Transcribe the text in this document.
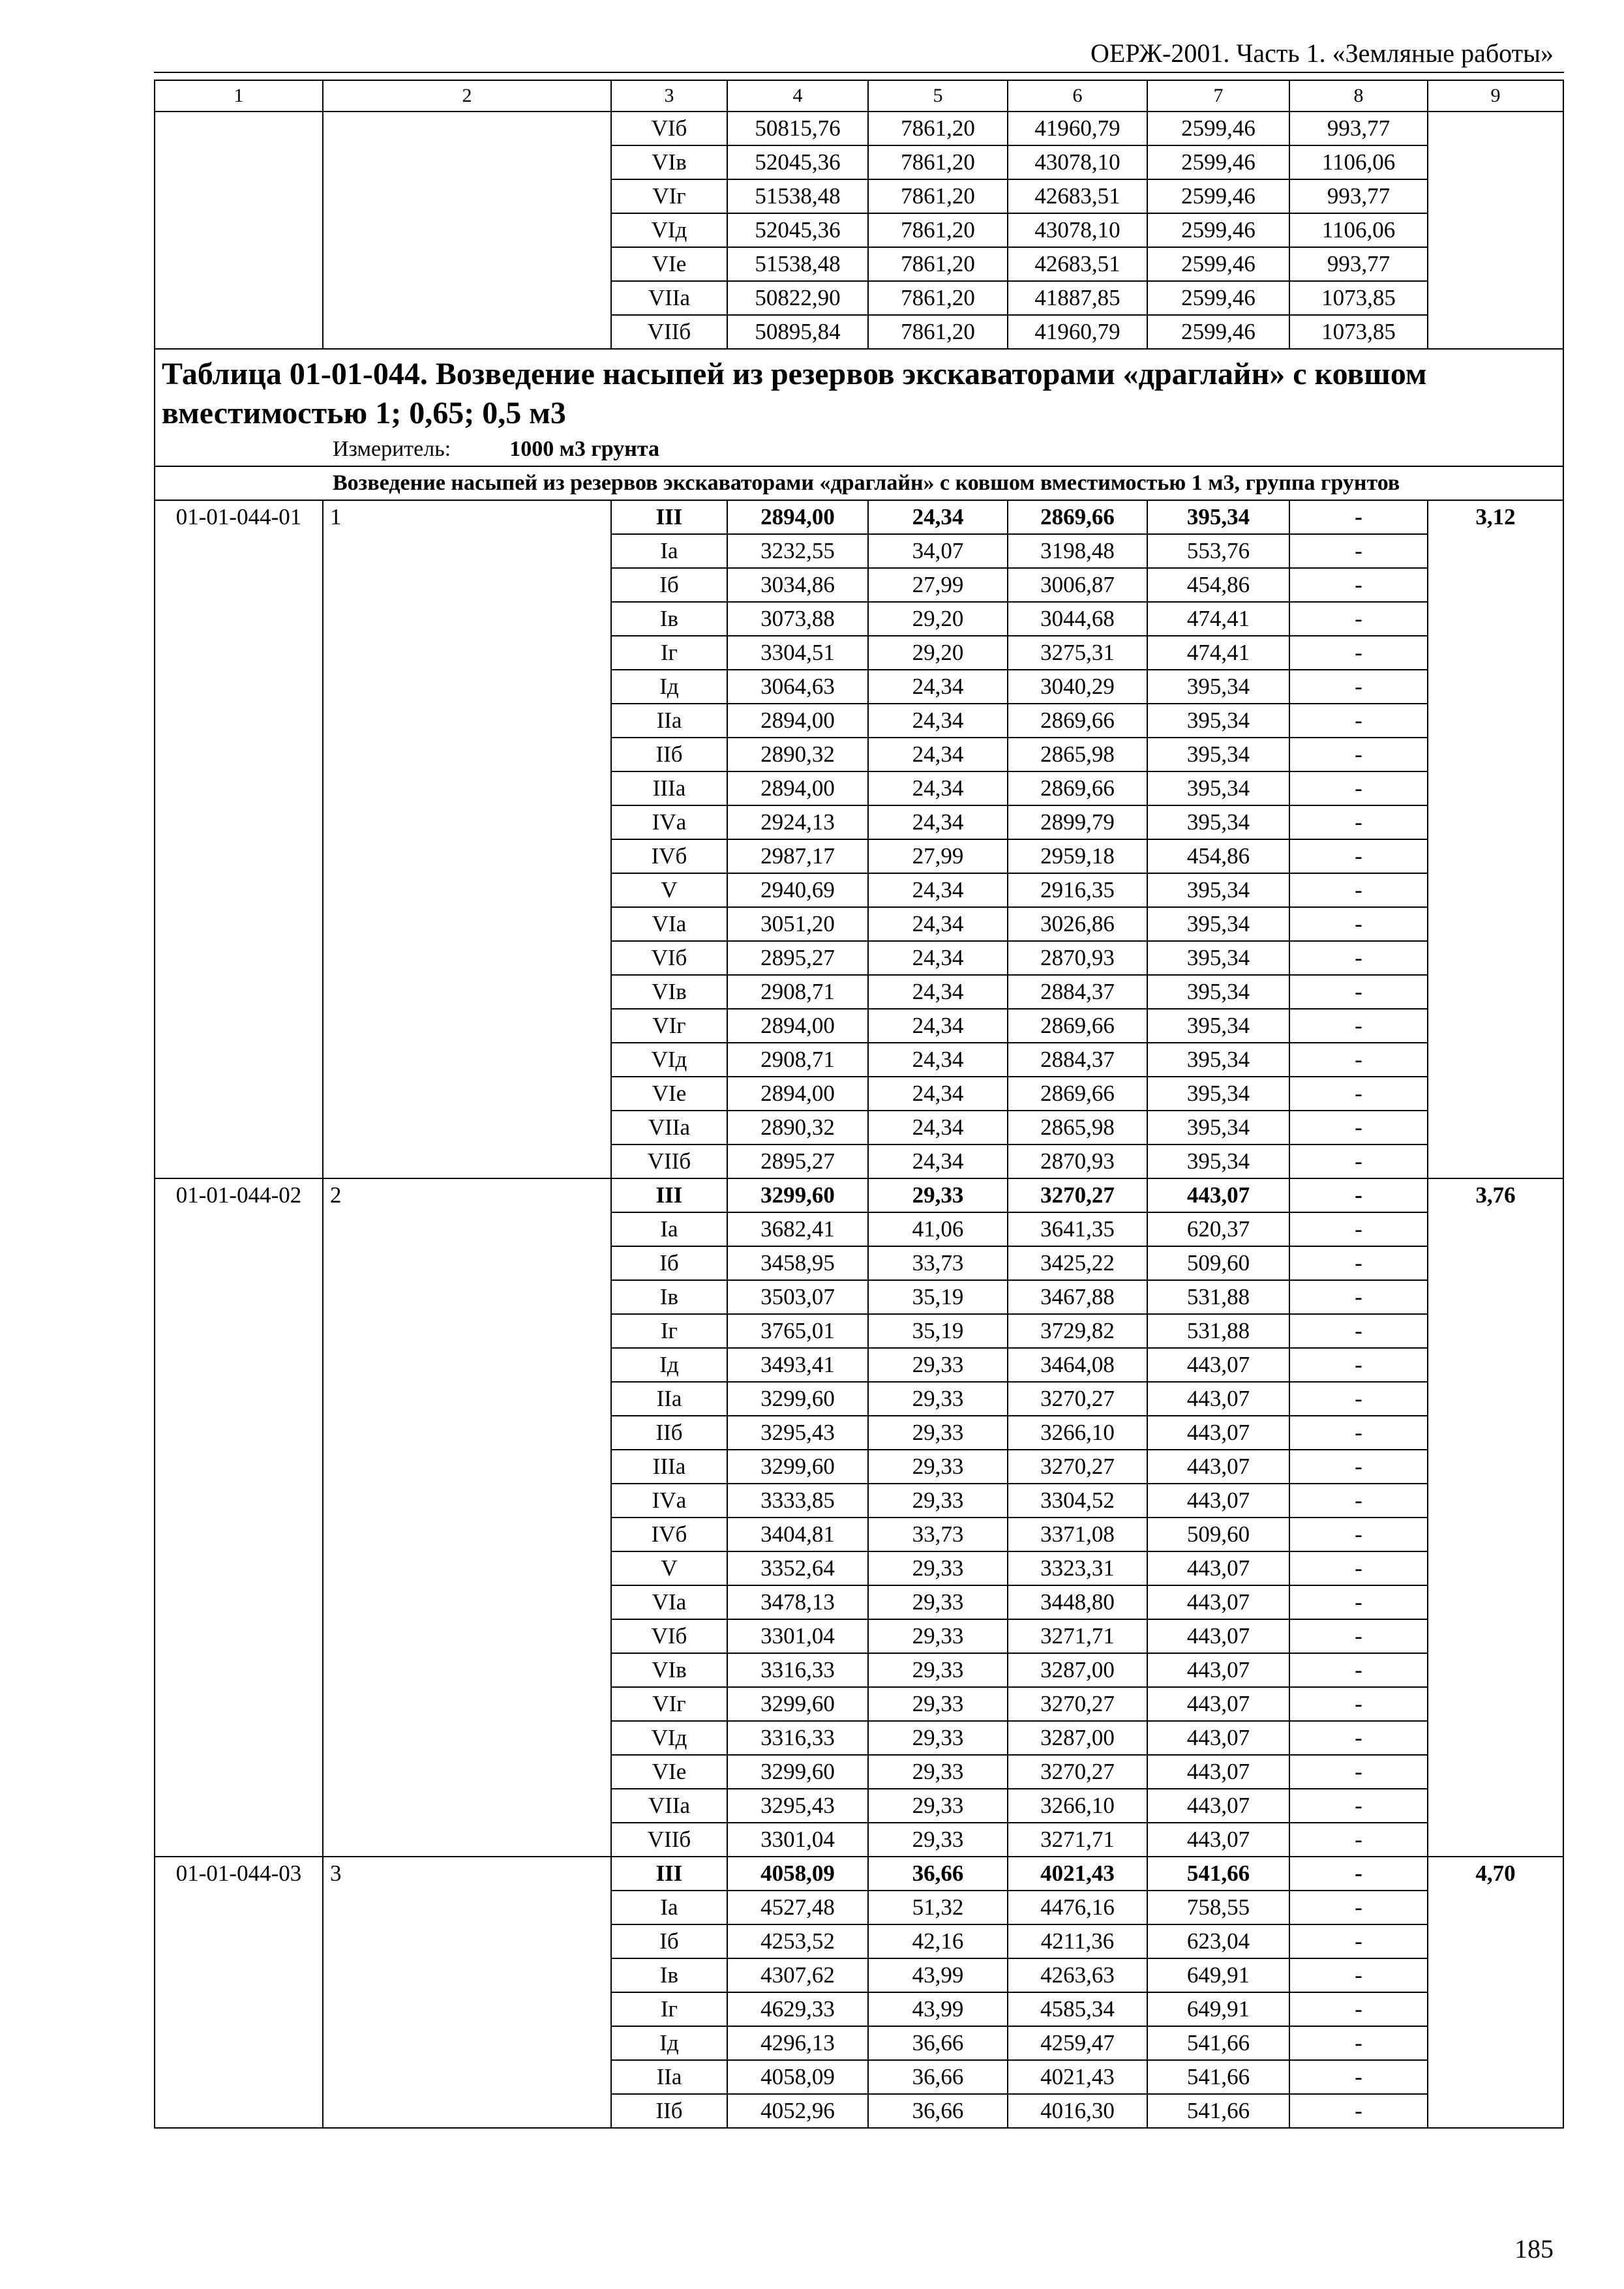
ОЕРЖ-2001. Часть 1. «Земляные работы»
1	2	3	4	5	6	7	8	9
		VIб	50815,76	7861,20	41960,79	2599,46	993,77	
		VIв	52045,36	7861,20	43078,10	2599,46	1106,06	
		VIг	51538,48	7861,20	42683,51	2599,46	993,77	
		VIд	52045,36	7861,20	43078,10	2599,46	1106,06	
		VIе	51538,48	7861,20	42683,51	2599,46	993,77	
		VIIа	50822,90	7861,20	41887,85	2599,46	1073,85	
		VIIб	50895,84	7861,20	41960,79	2599,46	1073,85	

Таблица 01-01-044. Возведение насыпей из резервов экскаваторами «драглайн» с ковшом вместимостью 1; 0,65; 0,5 м3
Измеритель: 1000 м3 грунта								

Возведение насыпей из резервов экскаваторами «драглайн» с ковшом вместимостью 1 м3, группа грунтов								
01-01-044-01	1	III	2894,00	24,34	2869,66	395,34	-	3,12
		Iа	3232,55	34,07	3198,48	553,76	-	
		Iб	3034,86	27,99	3006,87	454,86	-	
		Iв	3073,88	29,20	3044,68	474,41	-	
		Iг	3304,51	29,20	3275,31	474,41	-	
		Iд	3064,63	24,34	3040,29	395,34	-	
		IIа	2894,00	24,34	2869,66	395,34	-	
		IIб	2890,32	24,34	2865,98	395,34	-	
		IIIа	2894,00	24,34	2869,66	395,34	-	
		IVа	2924,13	24,34	2899,79	395,34	-	
		IVб	2987,17	27,99	2959,18	454,86	-	
		V	2940,69	24,34	2916,35	395,34	-	
		VIа	3051,20	24,34	3026,86	395,34	-	
		VIб	2895,27	24,34	2870,93	395,34	-	
		VIв	2908,71	24,34	2884,37	395,34	-	
		VIг	2894,00	24,34	2869,66	395,34	-	
		VIд	2908,71	24,34	2884,37	395,34	-	
		VIе	2894,00	24,34	2869,66	395,34	-	
		VIIа	2890,32	24,34	2865,98	395,34	-	
		VIIб	2895,27	24,34	2870,93	395,34	-	
01-01-044-02	2	III	3299,60	29,33	3270,27	443,07	-	3,76
		Iа	3682,41	41,06	3641,35	620,37	-	
		Iб	3458,95	33,73	3425,22	509,60	-	
		Iв	3503,07	35,19	3467,88	531,88	-	
		Iг	3765,01	35,19	3729,82	531,88	-	
		Iд	3493,41	29,33	3464,08	443,07	-	
		IIа	3299,60	29,33	3270,27	443,07	-	
		IIб	3295,43	29,33	3266,10	443,07	-	
		IIIа	3299,60	29,33	3270,27	443,07	-	
		IVа	3333,85	29,33	3304,52	443,07	-	
		IVб	3404,81	33,73	3371,08	509,60	-	
		V	3352,64	29,33	3323,31	443,07	-	
		VIа	3478,13	29,33	3448,80	443,07	-	
		VIб	3301,04	29,33	3271,71	443,07	-	
		VIв	3316,33	29,33	3287,00	443,07	-	
		VIг	3299,60	29,33	3270,27	443,07	-	
		VIд	3316,33	29,33	3287,00	443,07	-	
		VIе	3299,60	29,33	3270,27	443,07	-	
		VIIа	3295,43	29,33	3266,10	443,07	-	
		VIIб	3301,04	29,33	3271,71	443,07	-	
01-01-044-03	3	III	4058,09	36,66	4021,43	541,66	-	4,70
		Iа	4527,48	51,32	4476,16	758,55	-	
		Iб	4253,52	42,16	4211,36	623,04	-	
		Iв	4307,62	43,99	4263,63	649,91	-	
		Iг	4629,33	43,99	4585,34	649,91	-	
		Iд	4296,13	36,66	4259,47	541,66	-	
		IIа	4058,09	36,66	4021,43	541,66	-	
		IIб	4052,96	36,66	4016,30	541,66	-	
185
